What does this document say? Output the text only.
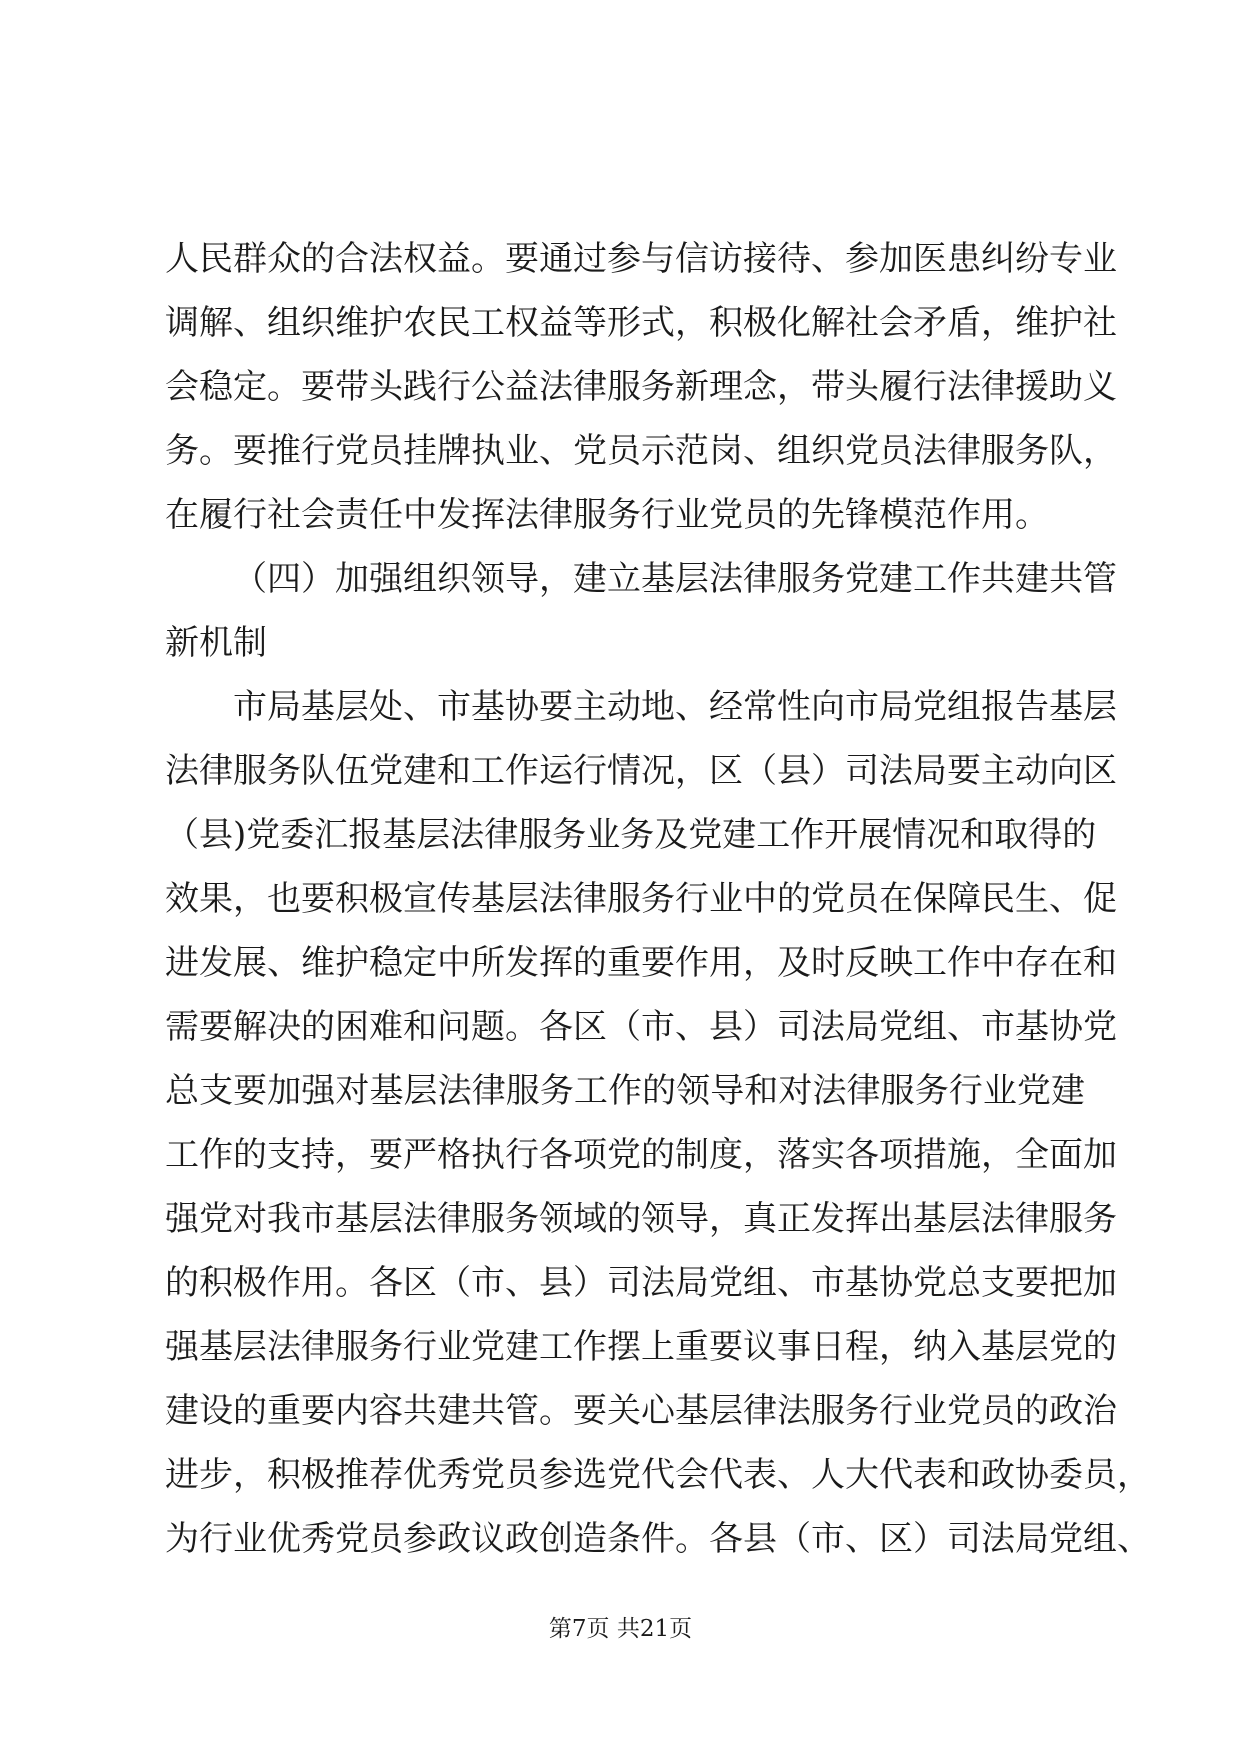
人民群众的合法权益。要通过参与信访接待、参加医患纠纷专业
调解、组织维护农民工权益等形式，积极化解社会矛盾，维护社
会稳定。要带头践行公益法律服务新理念，带头履行法律援助义
务。要推行党员挂牌执业、党员示范岗、组织党员法律服务队，
在履行社会责任中发挥法律服务行业党员的先锋模范作用。
（四）加强组织领导，建立基层法律服务党建工作共建共管
新机制
市局基层处、市基协要主动地、经常性向市局党组报告基层
法律服务队伍党建和工作运行情况，区（县）司法局要主动向区
（县)党委汇报基层法律服务业务及党建工作开展情况和取得的
效果，也要积极宣传基层法律服务行业中的党员在保障民生、促
进发展、维护稳定中所发挥的重要作用，及时反映工作中存在和
需要解决的困难和问题。各区（市、县）司法局党组、市基协党
总支要加强对基层法律服务工作的领导和对法律服务行业党建
工作的支持，要严格执行各项党的制度，落实各项措施，全面加
强党对我市基层法律服务领域的领导，真正发挥出基层法律服务
的积极作用。各区（市、县）司法局党组、市基协党总支要把加
强基层法律服务行业党建工作摆上重要议事日程，纳入基层党的
建设的重要内容共建共管。要关心基层律法服务行业党员的政治
进步，积极推荐优秀党员参选党代会代表、人大代表和政协委员，
为行业优秀党员参政议政创造条件。各县（市、区）司法局党组、
第7页 共21页
